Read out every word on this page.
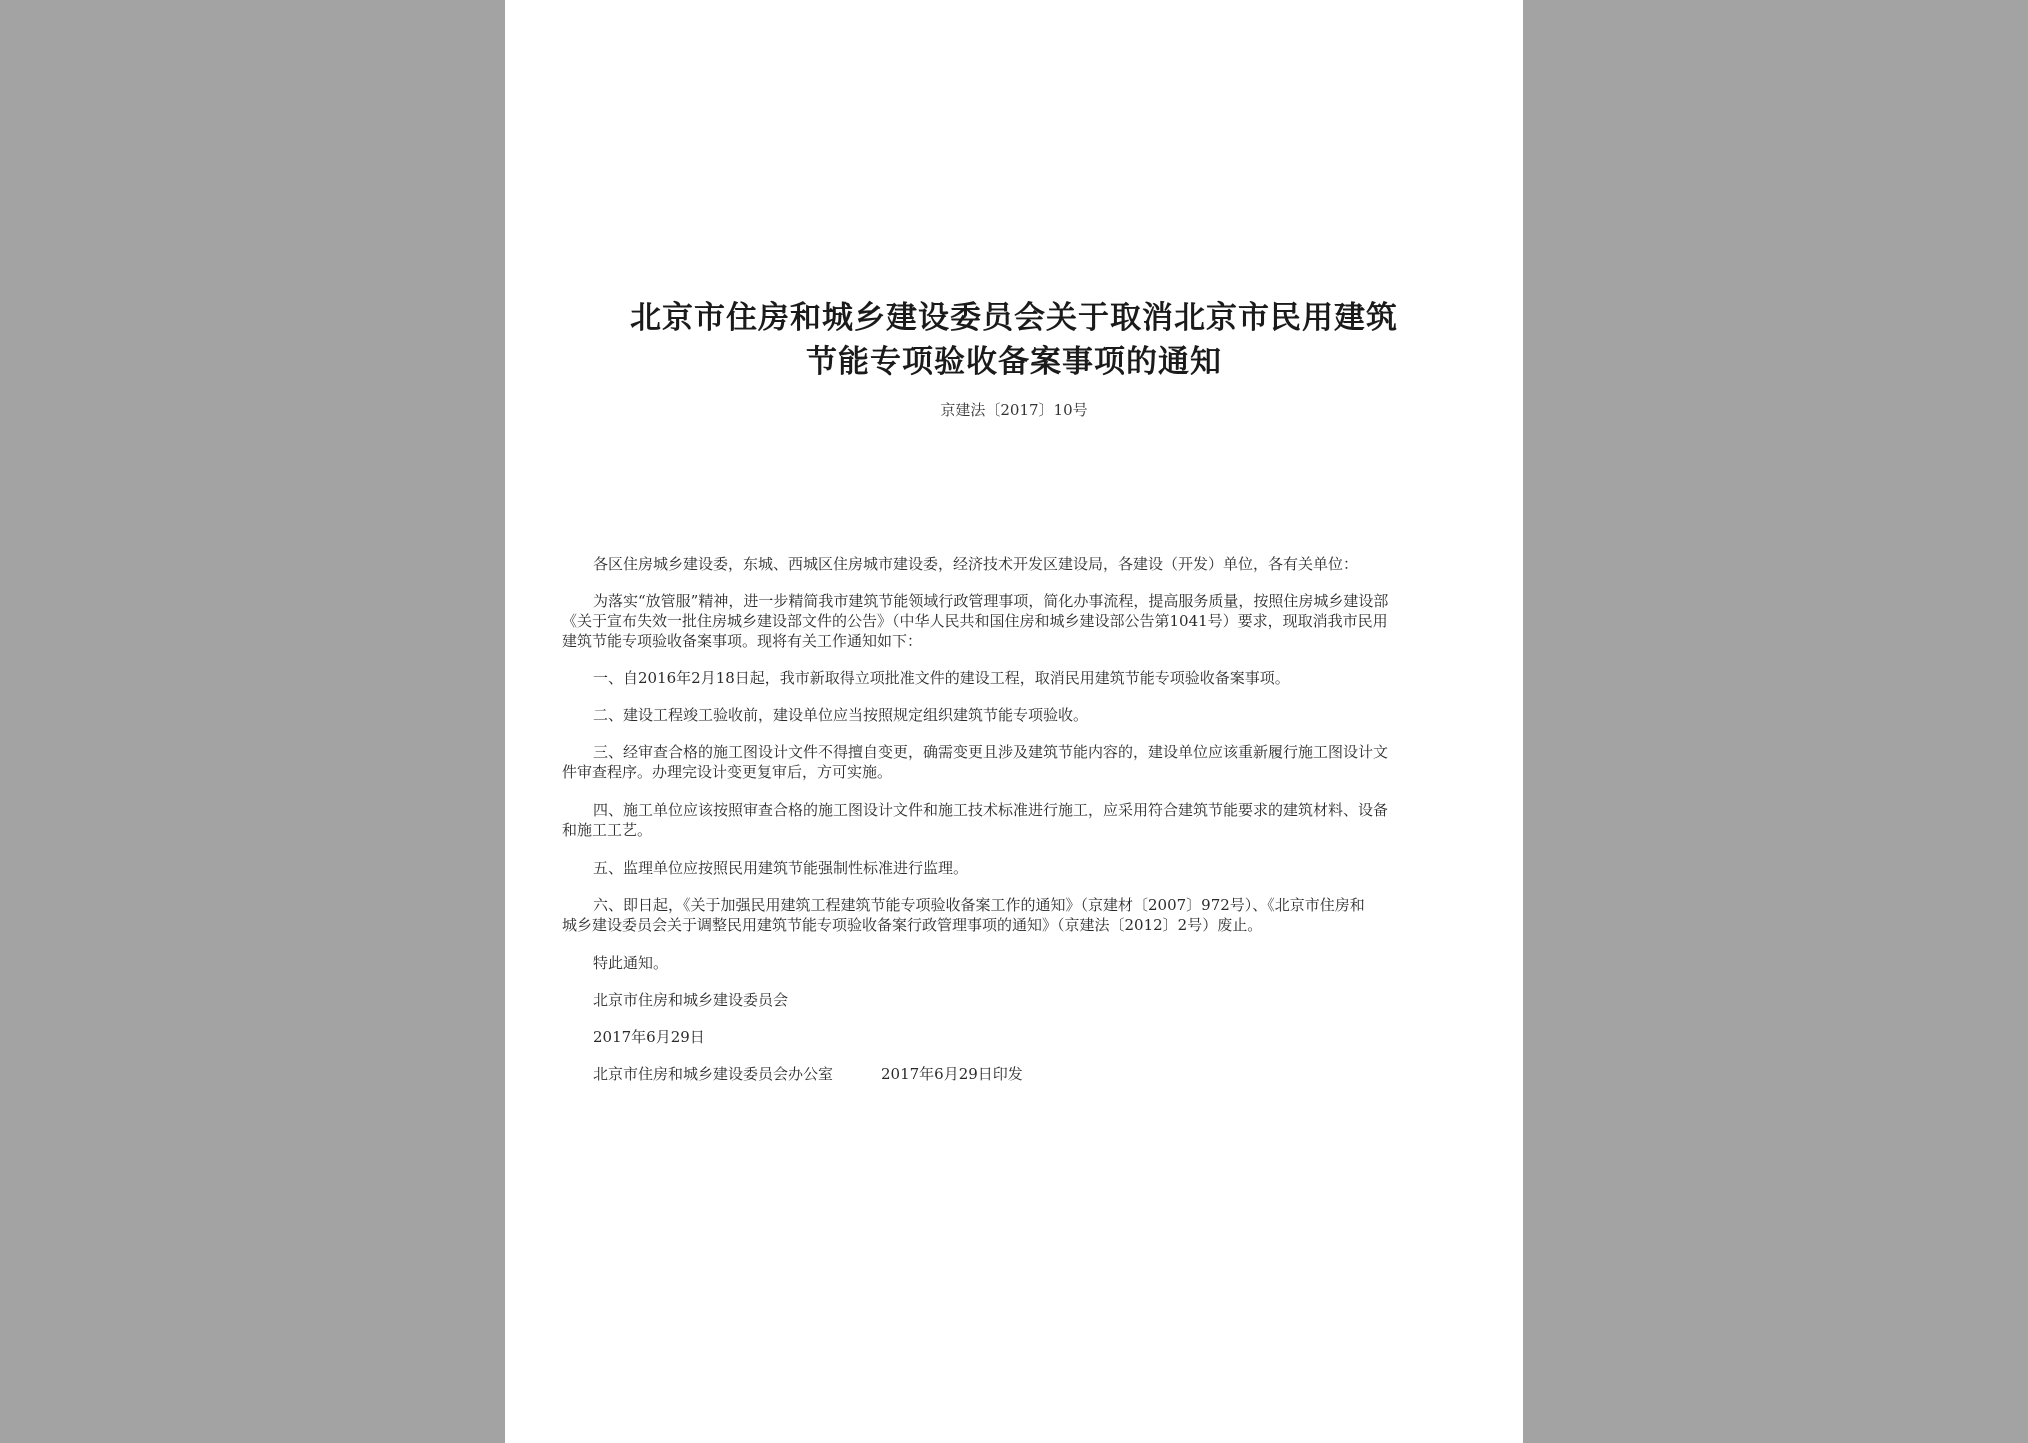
北京市住房和城乡建设委员会关于取消北京市民用建筑
节能专项验收备案事项的通知
京建法〔2017〕10号
各区住房城乡建设委，东城、西城区住房城市建设委，经济技术开发区建设局，各建设（开发）单位，各有关单位：
为落实“放管服”精神，进一步精简我市建筑节能领域行政管理事项，简化办事流程，提高服务质量，按照住房城乡建设部
《关于宣布失效一批住房城乡建设部文件的公告》（中华人民共和国住房和城乡建设部公告第1041号）要求，现取消我市民用
建筑节能专项验收备案事项。现将有关工作通知如下：
一、自2016年2月18日起，我市新取得立项批准文件的建设工程，取消民用建筑节能专项验收备案事项。
二、建设工程竣工验收前，建设单位应当按照规定组织建筑节能专项验收。
三、经审查合格的施工图设计文件不得擅自变更，确需变更且涉及建筑节能内容的，建设单位应该重新履行施工图设计文
件审查程序。办理完设计变更复审后，方可实施。
四、施工单位应该按照审查合格的施工图设计文件和施工技术标准进行施工，应采用符合建筑节能要求的建筑材料、设备
和施工工艺。
五、监理单位应按照民用建筑节能强制性标准进行监理。
六、即日起，《关于加强民用建筑工程建筑节能专项验收备案工作的通知》（京建材〔2007〕972号）、《北京市住房和
城乡建设委员会关于调整民用建筑节能专项验收备案行政管理事项的通知》（京建法〔2012〕2号）废止。
特此通知。
北京市住房和城乡建设委员会
2017年6月29日
北京市住房和城乡建设委员会办公室	2017年6月29日印发
